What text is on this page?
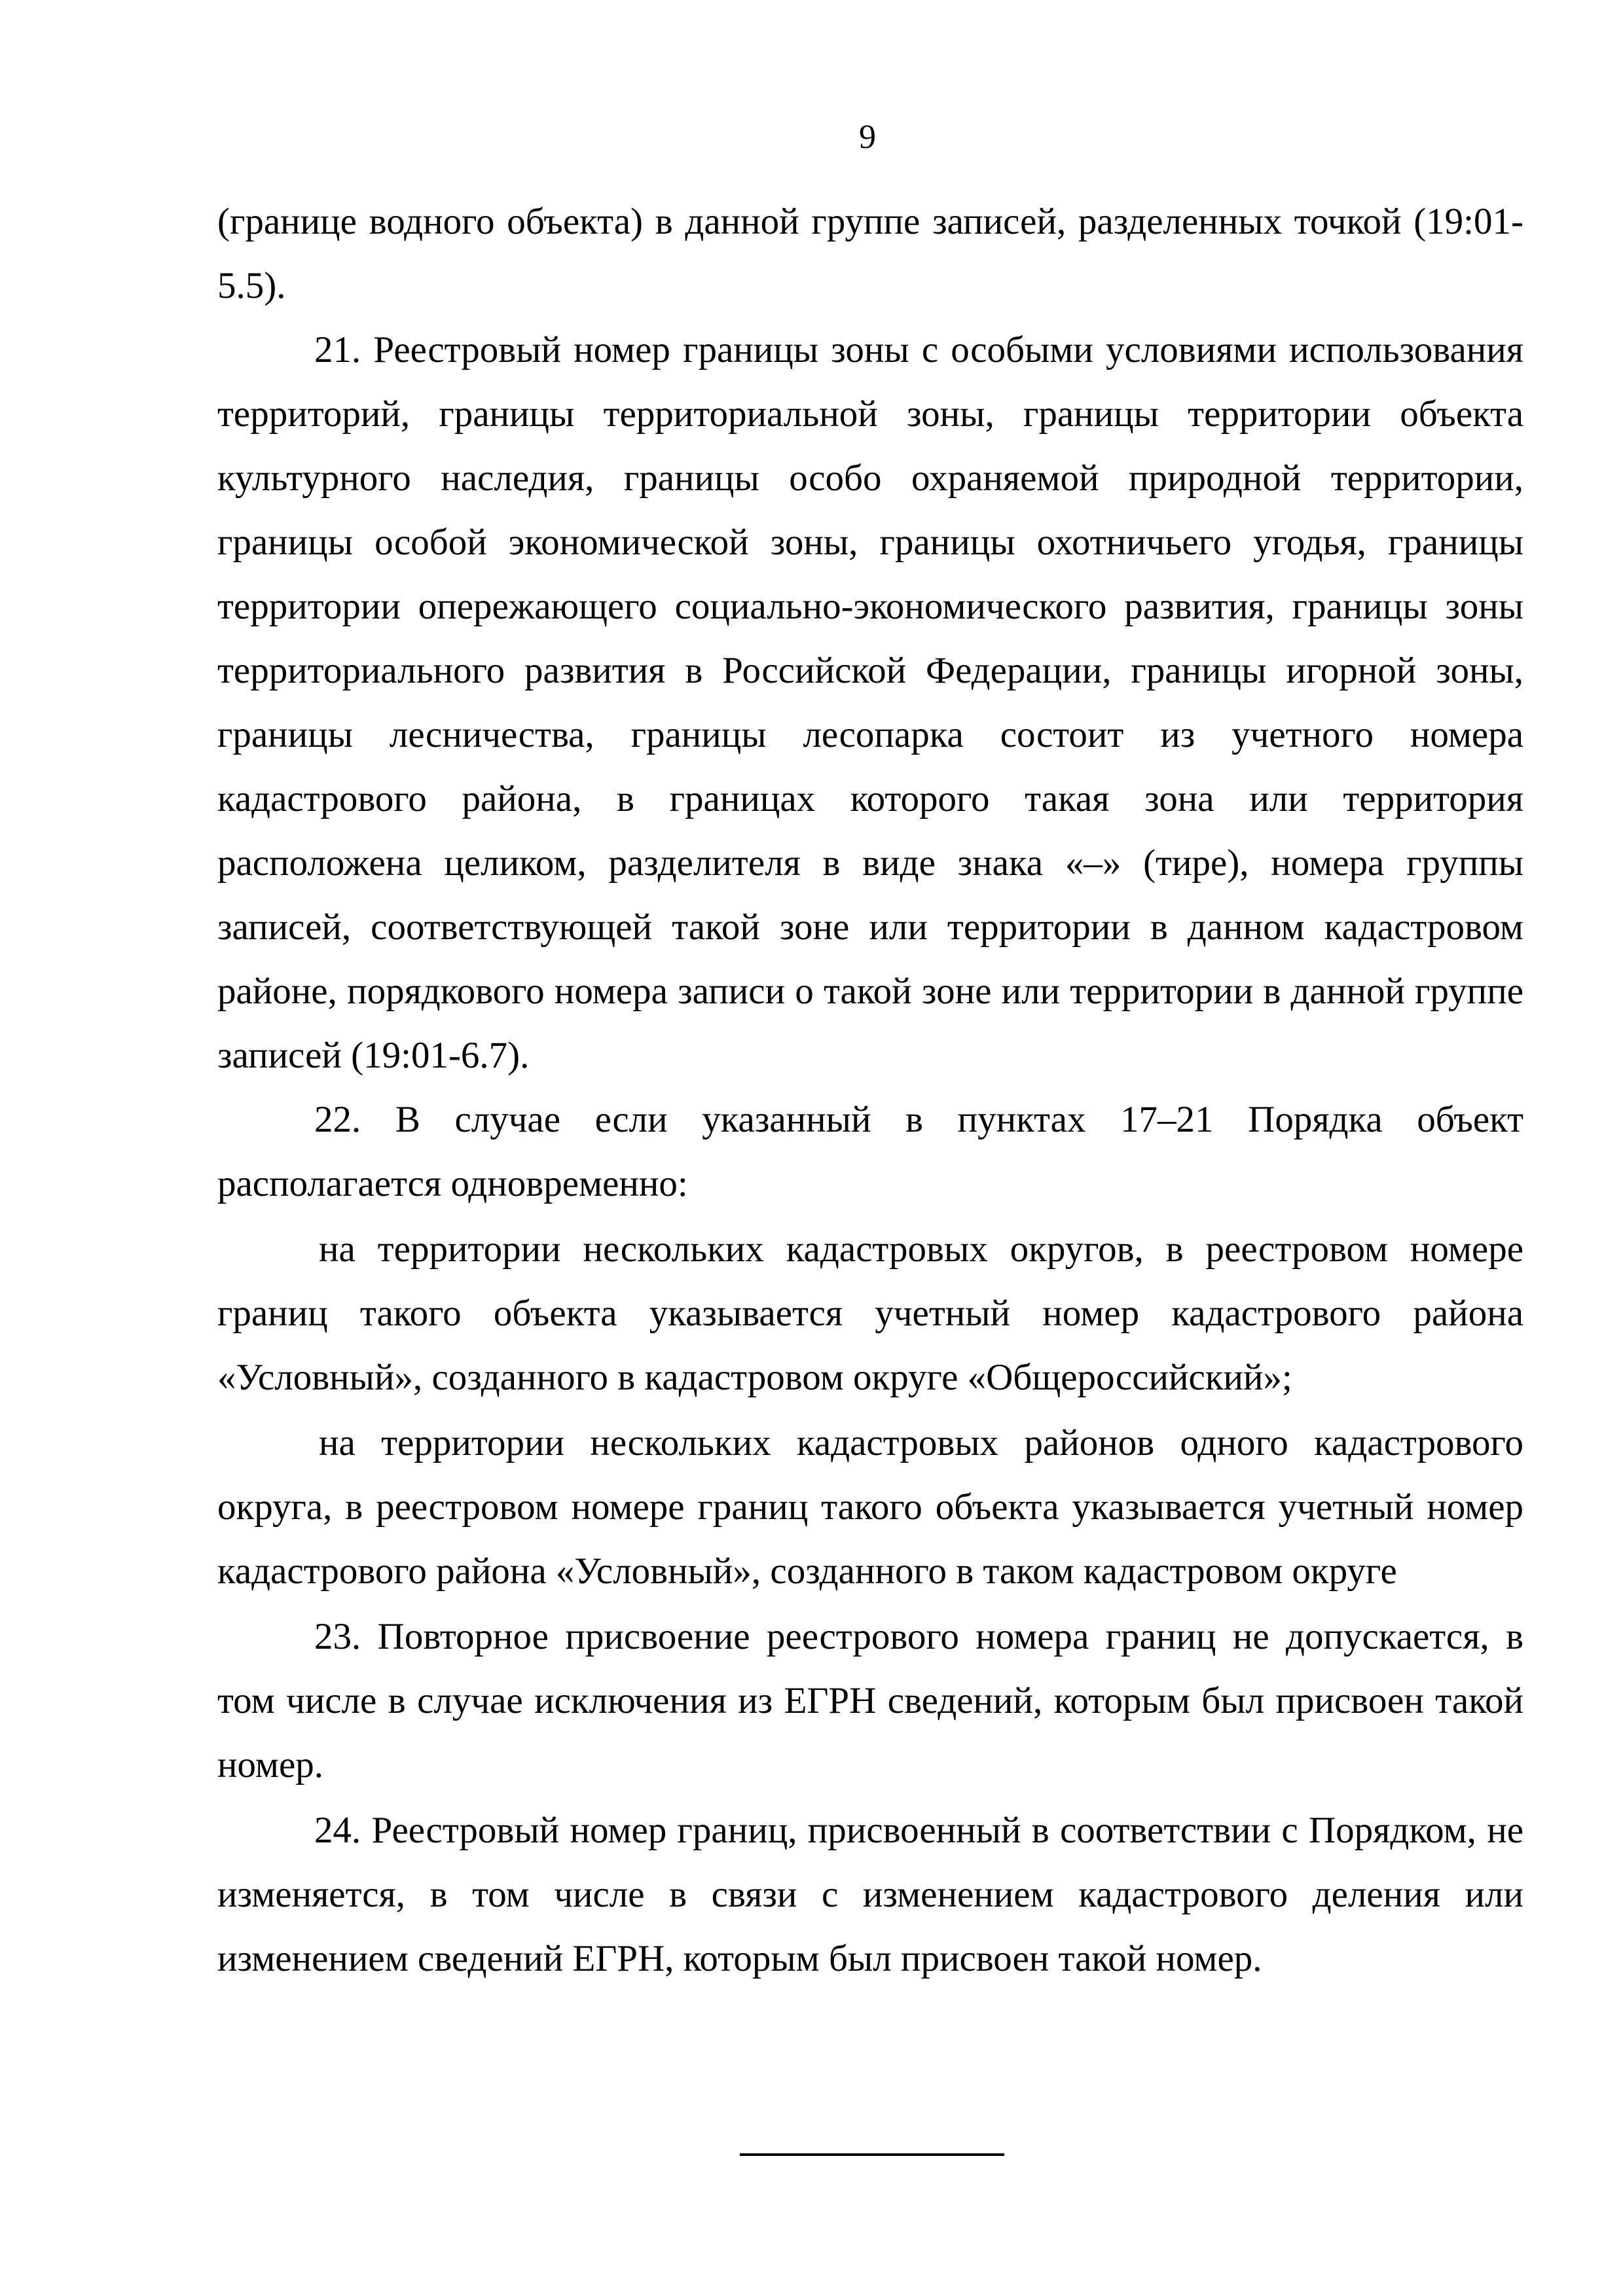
9

(границе водного объекта) в данной группе записей, разделенных точкой (19:01-5.5).

21. Реестровый номер границы зоны с особыми условиями использования территорий, границы территориальной зоны, границы территории объекта культурного наследия, границы особо охраняемой природной территории, границы особой экономической зоны, границы охотничьего угодья, границы территории опережающего социально-экономического развития, границы зоны территориального развития в Российской Федерации, границы игорной зоны, границы лесничества, границы лесопарка состоит из учетного номера кадастрового района, в границах которого такая зона или территория расположена целиком, разделителя в виде знака «–» (тире), номера группы записей, соответствующей такой зоне или территории в данном кадастровом районе, порядкового номера записи о такой зоне или территории в данной группе записей (19:01-6.7).

22. В случае если указанный в пунктах 17–21 Порядка объект располагается одновременно:

на территории нескольких кадастровых округов, в реестровом номере границ такого объекта указывается учетный номер кадастрового района «Условный», созданного в кадастровом округе «Общероссийский»;

на территории нескольких кадастровых районов одного кадастрового округа, в реестровом номере границ такого объекта указывается учетный номер кадастрового района «Условный», созданного в таком кадастровом округе

23. Повторное присвоение реестрового номера границ не допускается, в том числе в случае исключения из ЕГРН сведений, которым был присвоен такой номер.

24. Реестровый номер границ, присвоенный в соответствии с Порядком, не изменяется, в том числе в связи с изменением кадастрового деления или изменением сведений ЕГРН, которым был присвоен такой номер.
